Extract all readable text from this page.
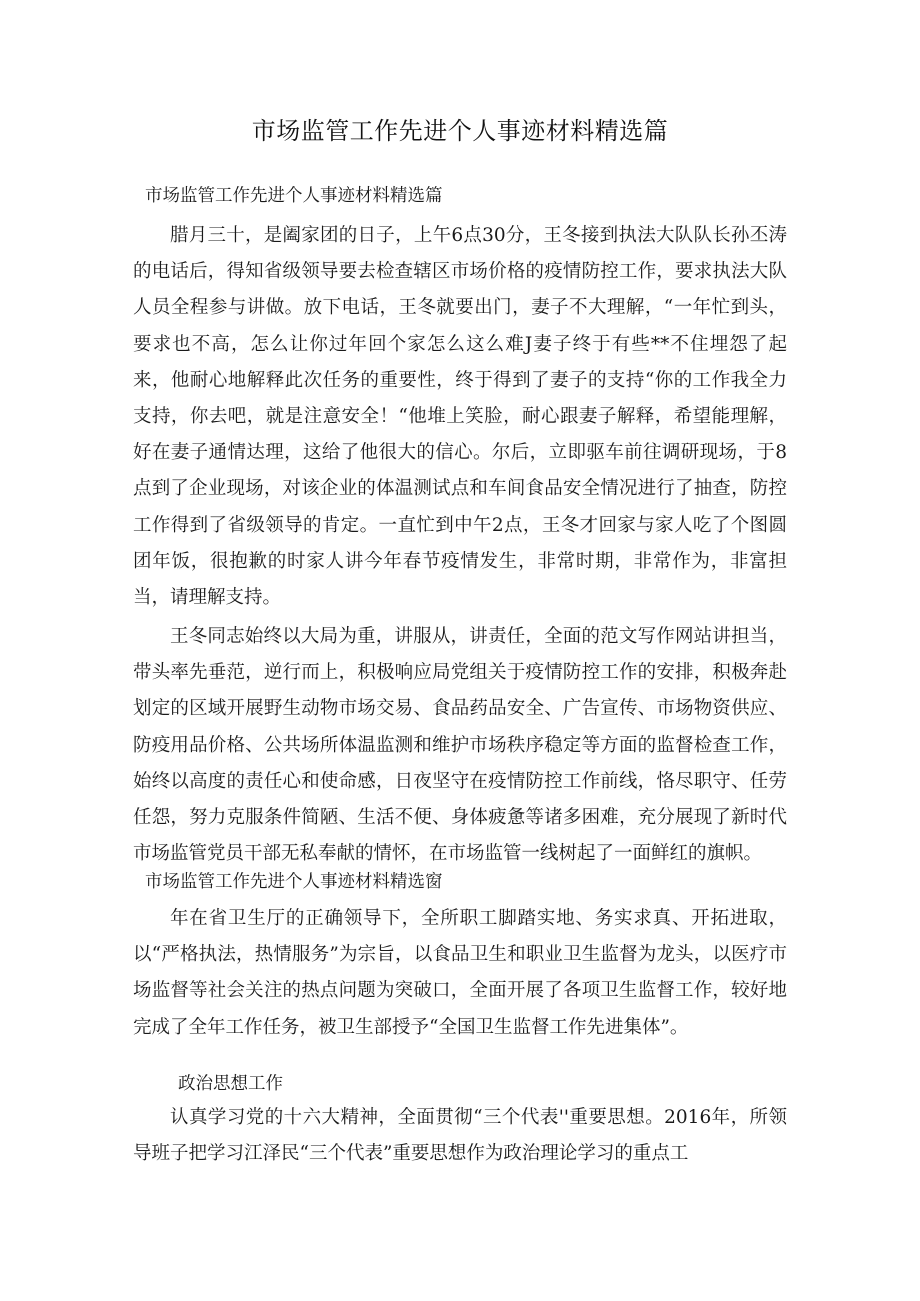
市场监管工作先进个人事迹材料精选篇
市场监管工作先进个人事迹材料精选篇
腊月三十，是阖家团的日子，上午6点30分，王冬接到执法大队队长孙丕涛的电话后，得知省级领导要去检查辖区市场价格的疫情防控工作，要求执法大队人员全程参与讲做。放下电话，王冬就要出门，妻子不大理解，“一年忙到头，要求也不高，怎么让你过年回个家怎么这么难J妻子终于有些**不住埋怨了起来，他耐心地解释此次任务的重要性，终于得到了妻子的支持“你的工作我全力支持，你去吧，就是注意安全！“他堆上笑脸，耐心跟妻子解释，希望能理解，好在妻子通情达理，这给了他很大的信心。尔后，立即驱车前往调研现场，于8点到了企业现场，对该企业的体温测试点和车间食品安全情况进行了抽查，防控工作得到了省级领导的肯定。一直忙到中午2点，王冬才回家与家人吃了个图圆团年饭，很抱歉的时家人讲今年春节疫情发生，非常时期，非常作为，非富担当，请理解支持。
王冬同志始终以大局为重，讲服从，讲责任，全面的范文写作网站讲担当，带头率先垂范，逆行而上，积极响应局党组关于疫情防控工作的安排，积极奔赴划定的区域开展野生动物市场交易、食品药品安全、广告宣传、市场物资供应、防疫用品价格、公共场所体温监测和维护市场秩序稳定等方面的监督检查工作，始终以高度的责任心和使命感，日夜坚守在疫情防控工作前线，恪尽职守、任劳任怨，努力克服条件简陋、生活不便、身体疲惫等诸多困难，充分展现了新时代市场监管党员干部无私奉献的情怀，在市场监管一线树起了一面鲜红的旗帜。
市场监管工作先进个人事迹材料精选窗
年在省卫生厅的正确领导下，全所职工脚踏实地、务实求真、开拓进取，以“严格执法，热情服务”为宗旨，以食品卫生和职业卫生监督为龙头，以医疗市场监督等社会关注的热点问题为突破口，全面开展了各项卫生监督工作，较好地完成了全年工作任务，被卫生部授予“全国卫生监督工作先进集体”。
政治思想工作
认真学习党的十六大精神，全面贯彻“三个代表''重要思想。2016年，所领导班子把学习江泽民“三个代表”重要思想作为政治理论学习的重点工
